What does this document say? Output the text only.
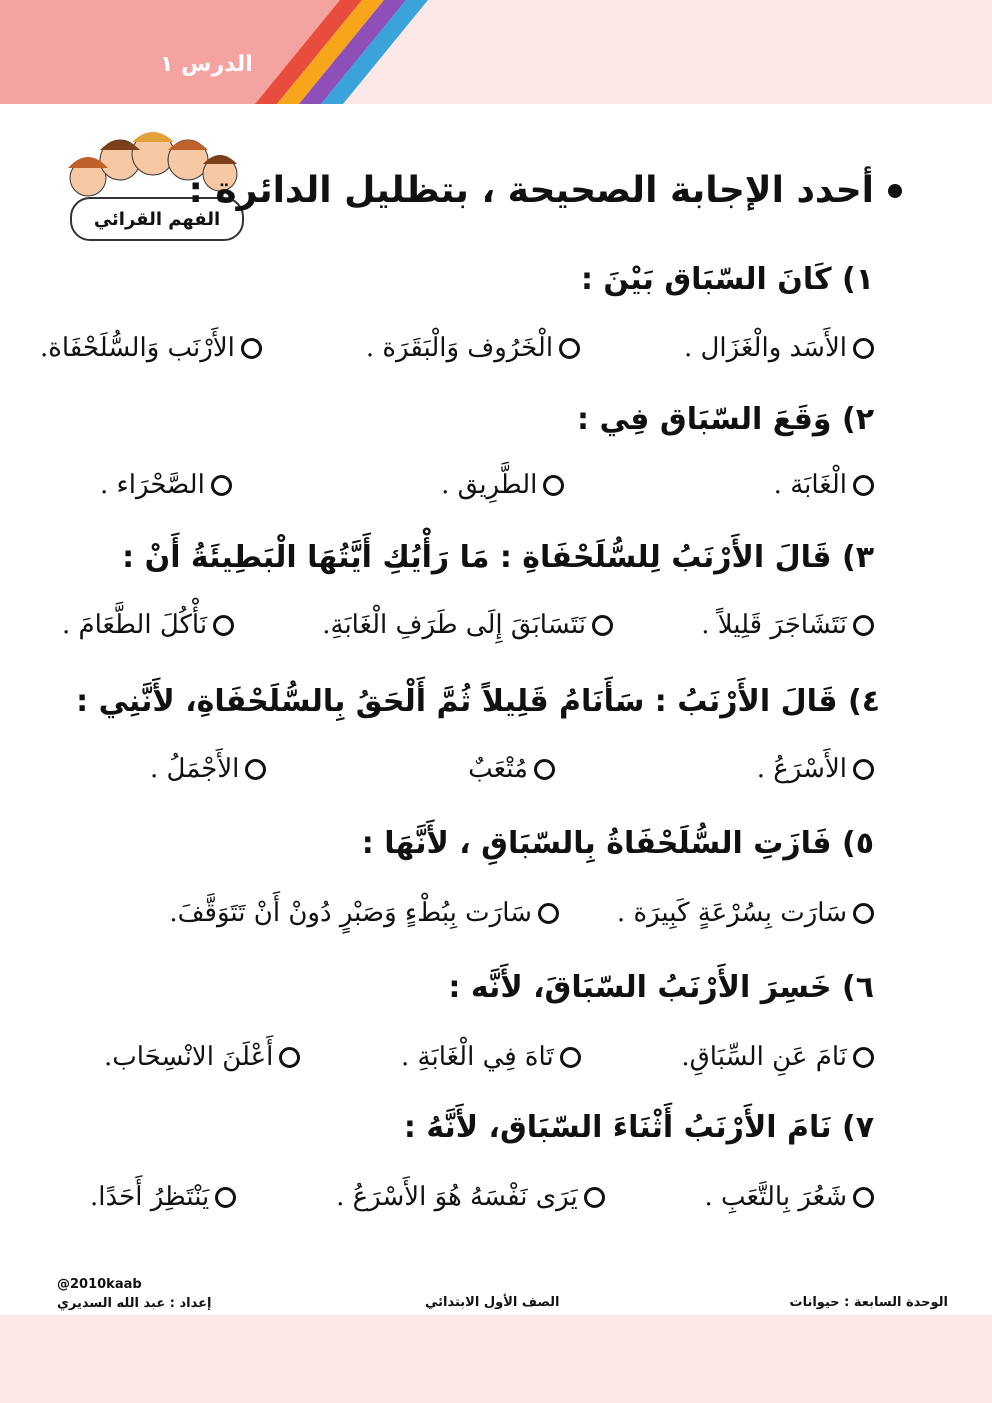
الدرس ١
الفهم القرائي
أحدد الإجابة الصحيحة ، بتظليل الدائرة :
١) كَانَ السّبَاق بَيْنَ :
الأَسَد والْغَزَال .
الْخَرُوف وَالْبَقَرَة .
الأَرْنَب وَالسُّلَحْفَاة.
٢) وَقَعَ السّبَاق فِي :
الْغَابَة .
الطَّرِيق .
الصَّحْرَاء .
٣) قَالَ الأَرْنَبُ لِلسُّلَحْفَاةِ : مَا رَأْيُكِ أَيَّتُهَا الْبَطِيئَةُ أَنْ :
نَتَشَاجَرَ قَلِيلاً .
نَتَسَابَقَ إِلَى طَرَفِ الْغَابَةِ.
نَأْكُلَ الطَّعَامَ .
٤) قَالَ الأَرْنَبُ : سَأَنَامُ قَلِيلاً ثُمَّ أَلْحَقُ بِالسُّلَحْفَاةِ، لأَنَّنِي :
الأَسْرَعُ .
مُتْعَبٌ
الأَجْمَلُ .
٥) فَازَتِ السُّلَحْفَاةُ بِالسّبَاقِ ، لأَنَّهَا :
سَارَت بِسُرْعَةٍ كَبِيرَة .
سَارَت بِبُطْءٍ وَصَبْرٍ دُونْ أَنْ تَتَوَقَّفَ.
٦) خَسِرَ الأَرْنَبُ السّبَاقَ، لأَنَّه :
نَامَ عَنِ السِّبَاقِ.
تَاهَ فِي الْغَابَةِ .
أَعْلَنَ الانْسِحَاب.
٧) نَامَ الأَرْنَبُ أَثْنَاءَ السّبَاق، لأَنَّهُ :
شَعُرَ بِالتَّعَبِ .
يَرَى نَفْسَهُ هُوَ الأَسْرَعُ .
يَنْتَظِرُ أَحَدًا.
الوحدة السابعة : حيوانات
الصف الأول الابتدائي
@2010kaab
إعداد : عبد الله السديري
